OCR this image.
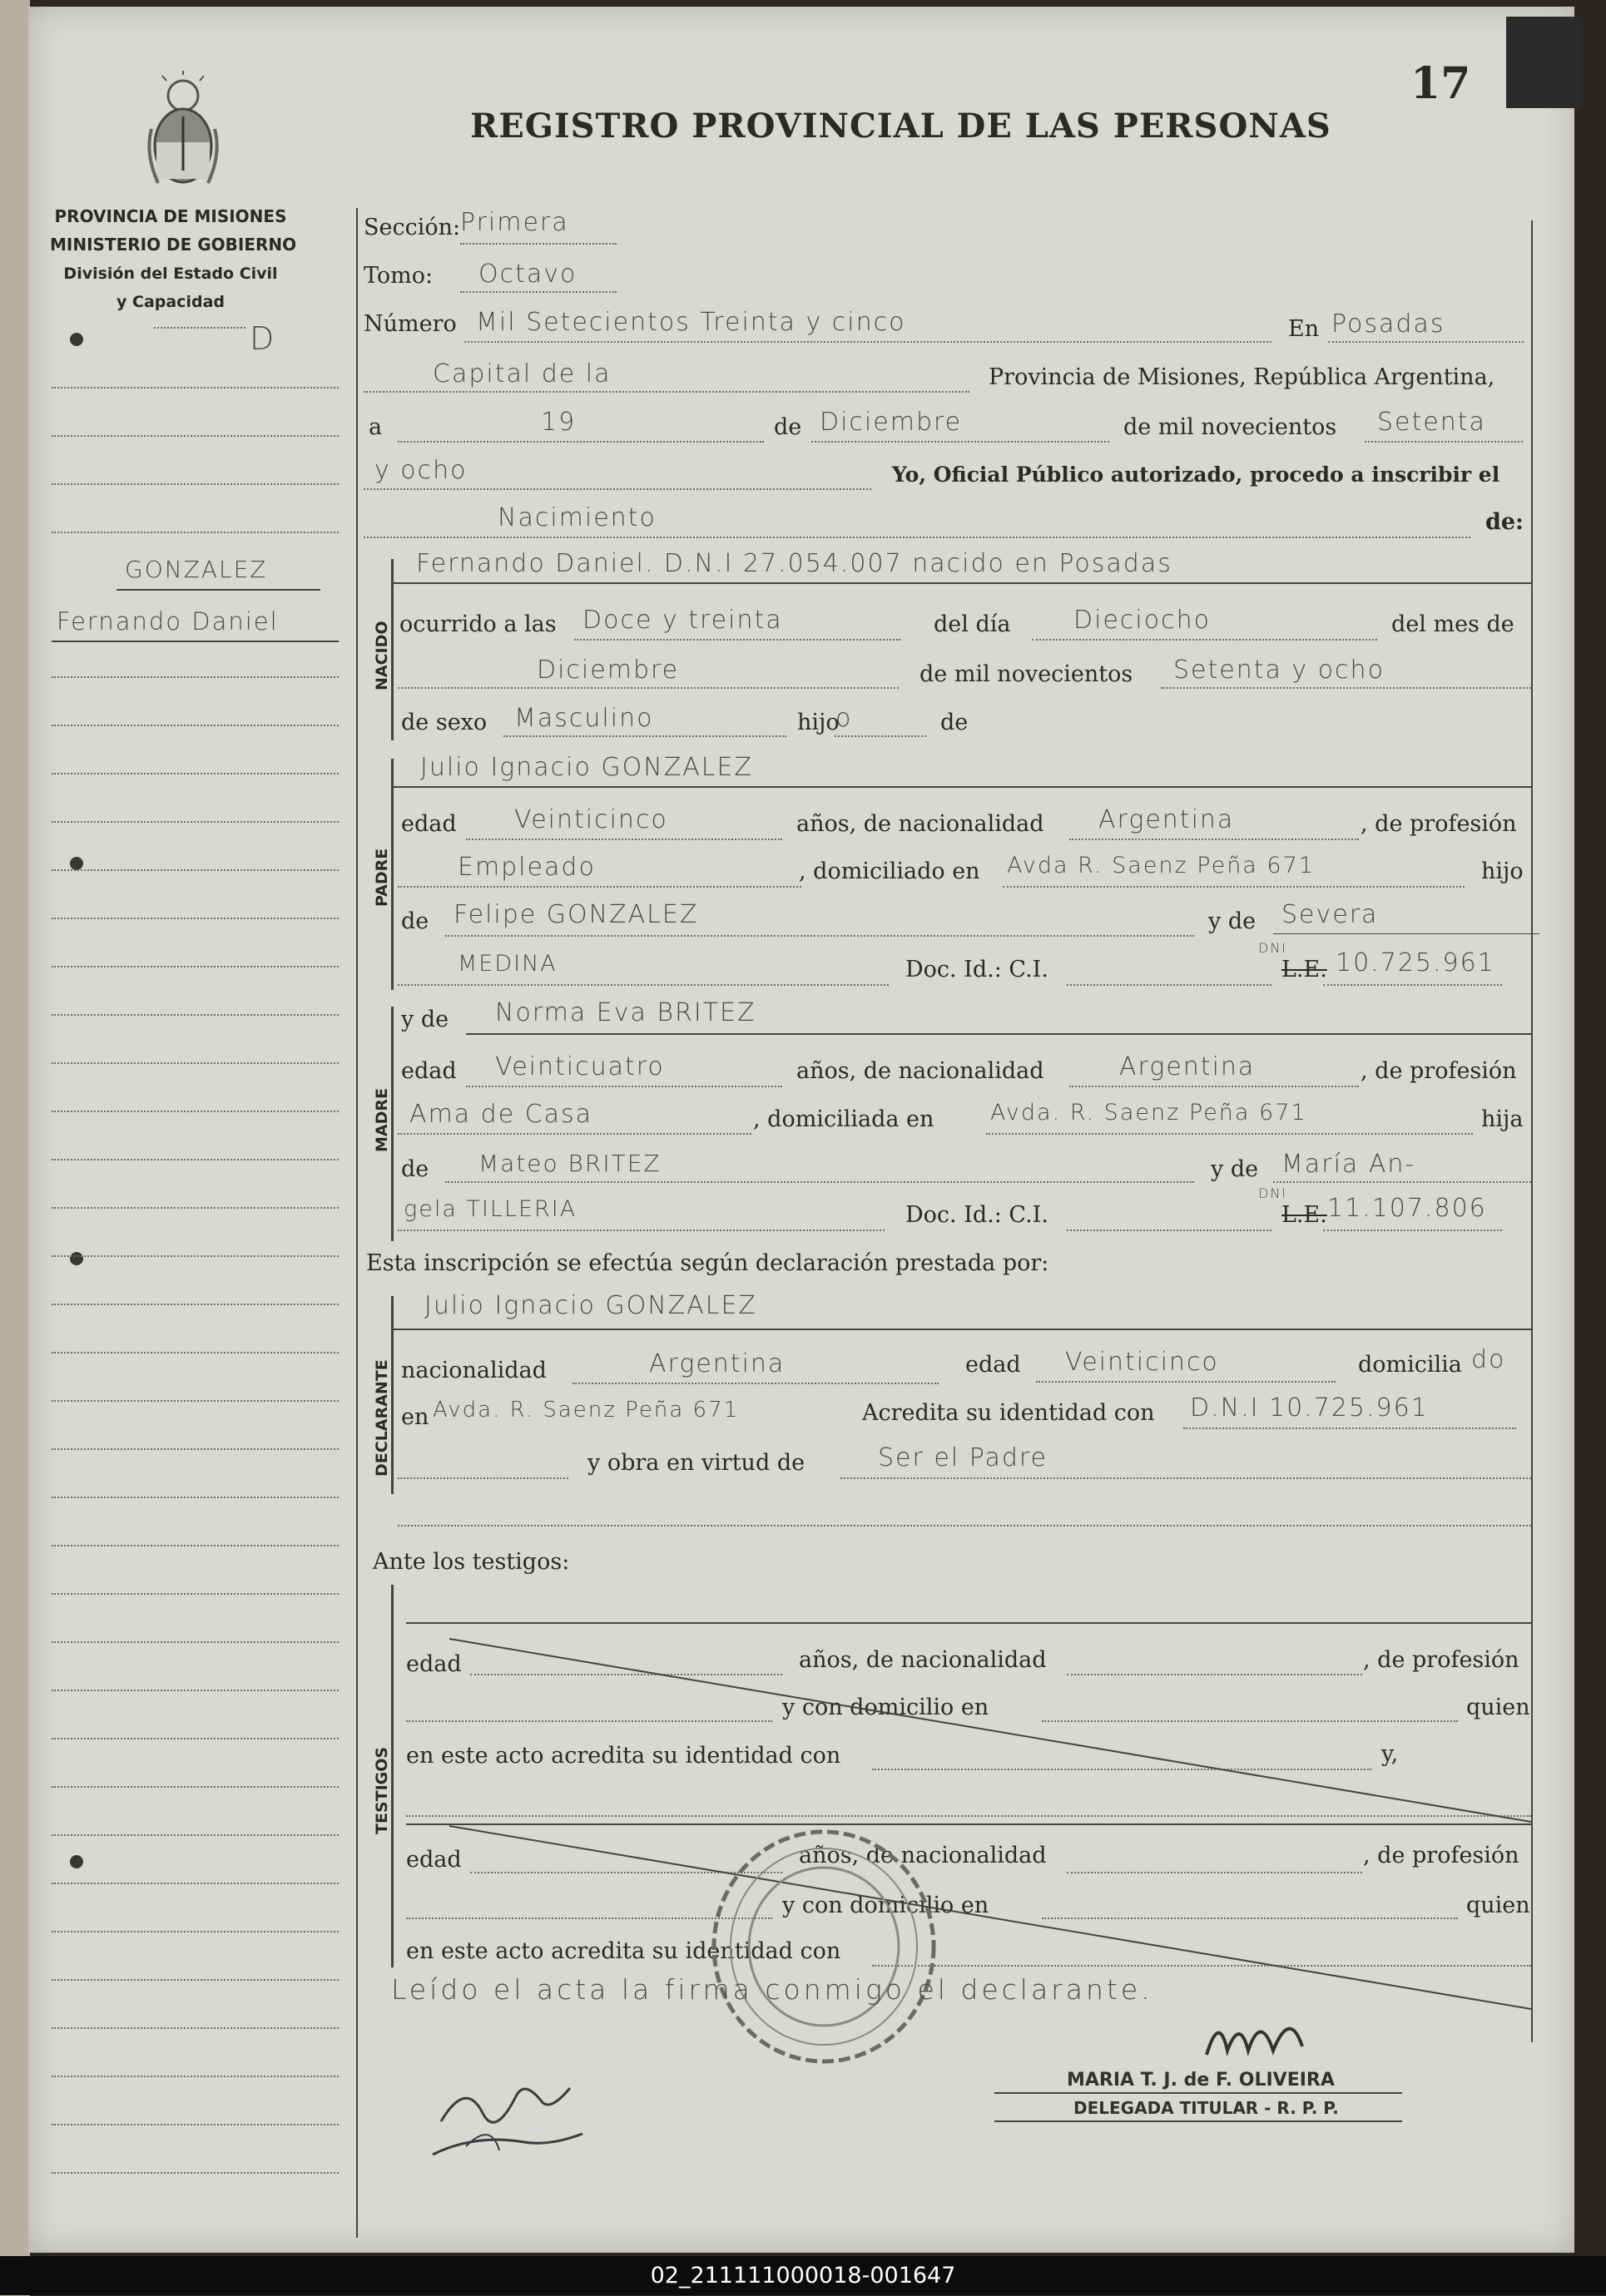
17
PROVINCIA DE MISIONES
MINISTERIO DE GOBIERNO
División del Estado Civil
y Capacidad
D
REGISTRO PROVINCIAL DE LAS PERSONAS
GONZALEZ
Fernando Daniel
Sección: Primera
Tomo: Octavo
Número Mil Setecientos Treinta y cinco	En Posadas
Capital de la	Provincia de Misiones, República Argentina,
a	19	de Diciembre	de mil novecientos Setenta
y ocho	Yo, Oficial Público autorizado, procedo a inscribir el
Nacimiento	de:
NACIDO
Fernando Daniel. D.N.I 27.054.007 nacido en Posadas
ocurrido a las Doce y treinta	del día	Dieciocho	del mes de
Diciembre	de mil novecientos Setenta y ocho
de sexo Masculino	hijo
o	de
PADRE
Julio Ignacio GONZALEZ
edad Veinticinco	años, de nacionalidad Argentina	, de profesión
Empleado	, domiciliado en Avda R. Saenz Peña 671	hijo
de Felipe GONZALEZ	y de Severa
MEDINA	Doc. Id.: C.I.
DNI
L.E. 10.725.961
MADRE
y de Norma Eva BRITEZ
edad Veinticuatro	años, de nacionalidad	Argentina	, de profesión
Ama de Casa	, domiciliada en	Avda. R. Saenz Peña 671	hija
de Mateo BRITEZ	y de María An-
gela TILLERIA	Doc. Id.: C.I.
DNI
L.E. 11.107.806
Esta inscripción se efectúa según declaración prestada por:
DECLARANTE
Julio Ignacio GONZALEZ
nacionalidad	Argentina	edad Veinticinco	domicilia do
en Avda. R. Saenz Peña 671	Acredita su identidad con D.N.I 10.725.961
y obra en virtud de	Ser el Padre
Ante los testigos:
TESTIGOS
edad	años, de nacionalidad	, de profesión
y con domicilio en	quien
en este acto acredita su identidad con	y,
edad	años, de nacionalidad	, de profesión
y con domicilio en	quien
en este acto acredita su identidad con
Leído el acta la firma conmigo el declarante.
MARIA T. J. de F. OLIVEIRA
DELEGADA TITULAR - R. P. P.
02_211111000018-001647
